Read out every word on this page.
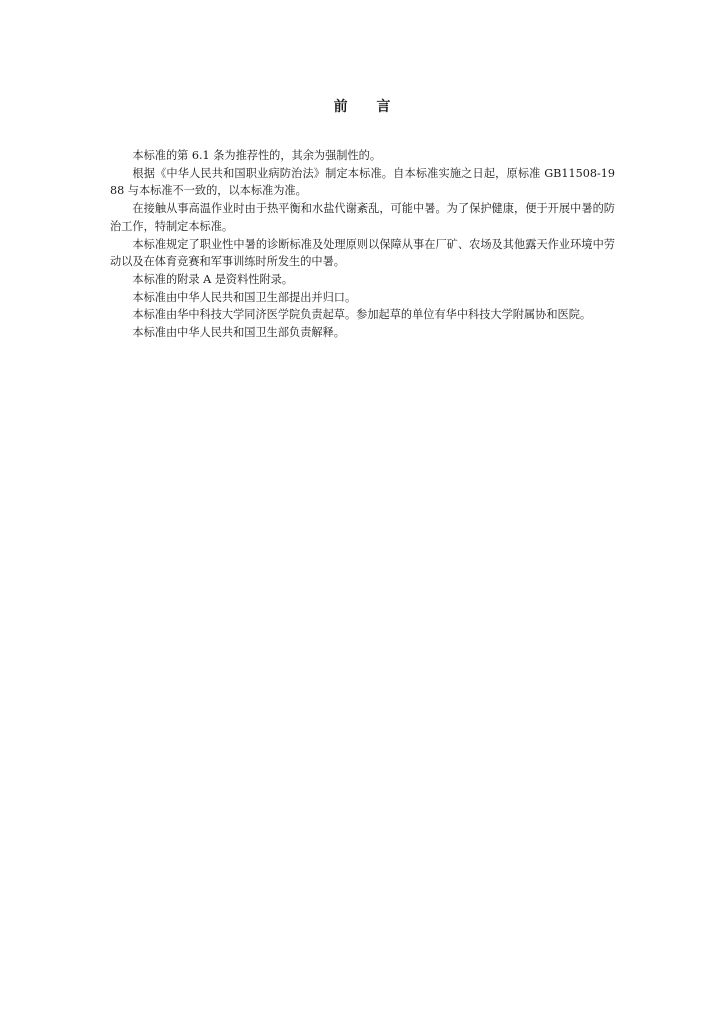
前 言

本标准的第 6.1 条为推荐性的，其余为强制性的。

根据《中华人民共和国职业病防治法》制定本标准。自本标准实施之日起，原标准 GB11508-1988 与本标准不一致的，以本标准为准。

在接触从事高温作业时由于热平衡和水盐代谢紊乱，可能中暑。为了保护健康，便于开展中暑的防治工作，特制定本标准。

本标准规定了职业性中暑的诊断标准及处理原则以保障从事在厂矿、农场及其他露天作业环境中劳动以及在体育竞赛和军事训练时所发生的中暑。

本标准的附录 A 是资料性附录。

本标准由中华人民共和国卫生部提出并归口。

本标准由华中科技大学同济医学院负责起草。参加起草的单位有华中科技大学附属协和医院。

本标准由中华人民共和国卫生部负责解释。
